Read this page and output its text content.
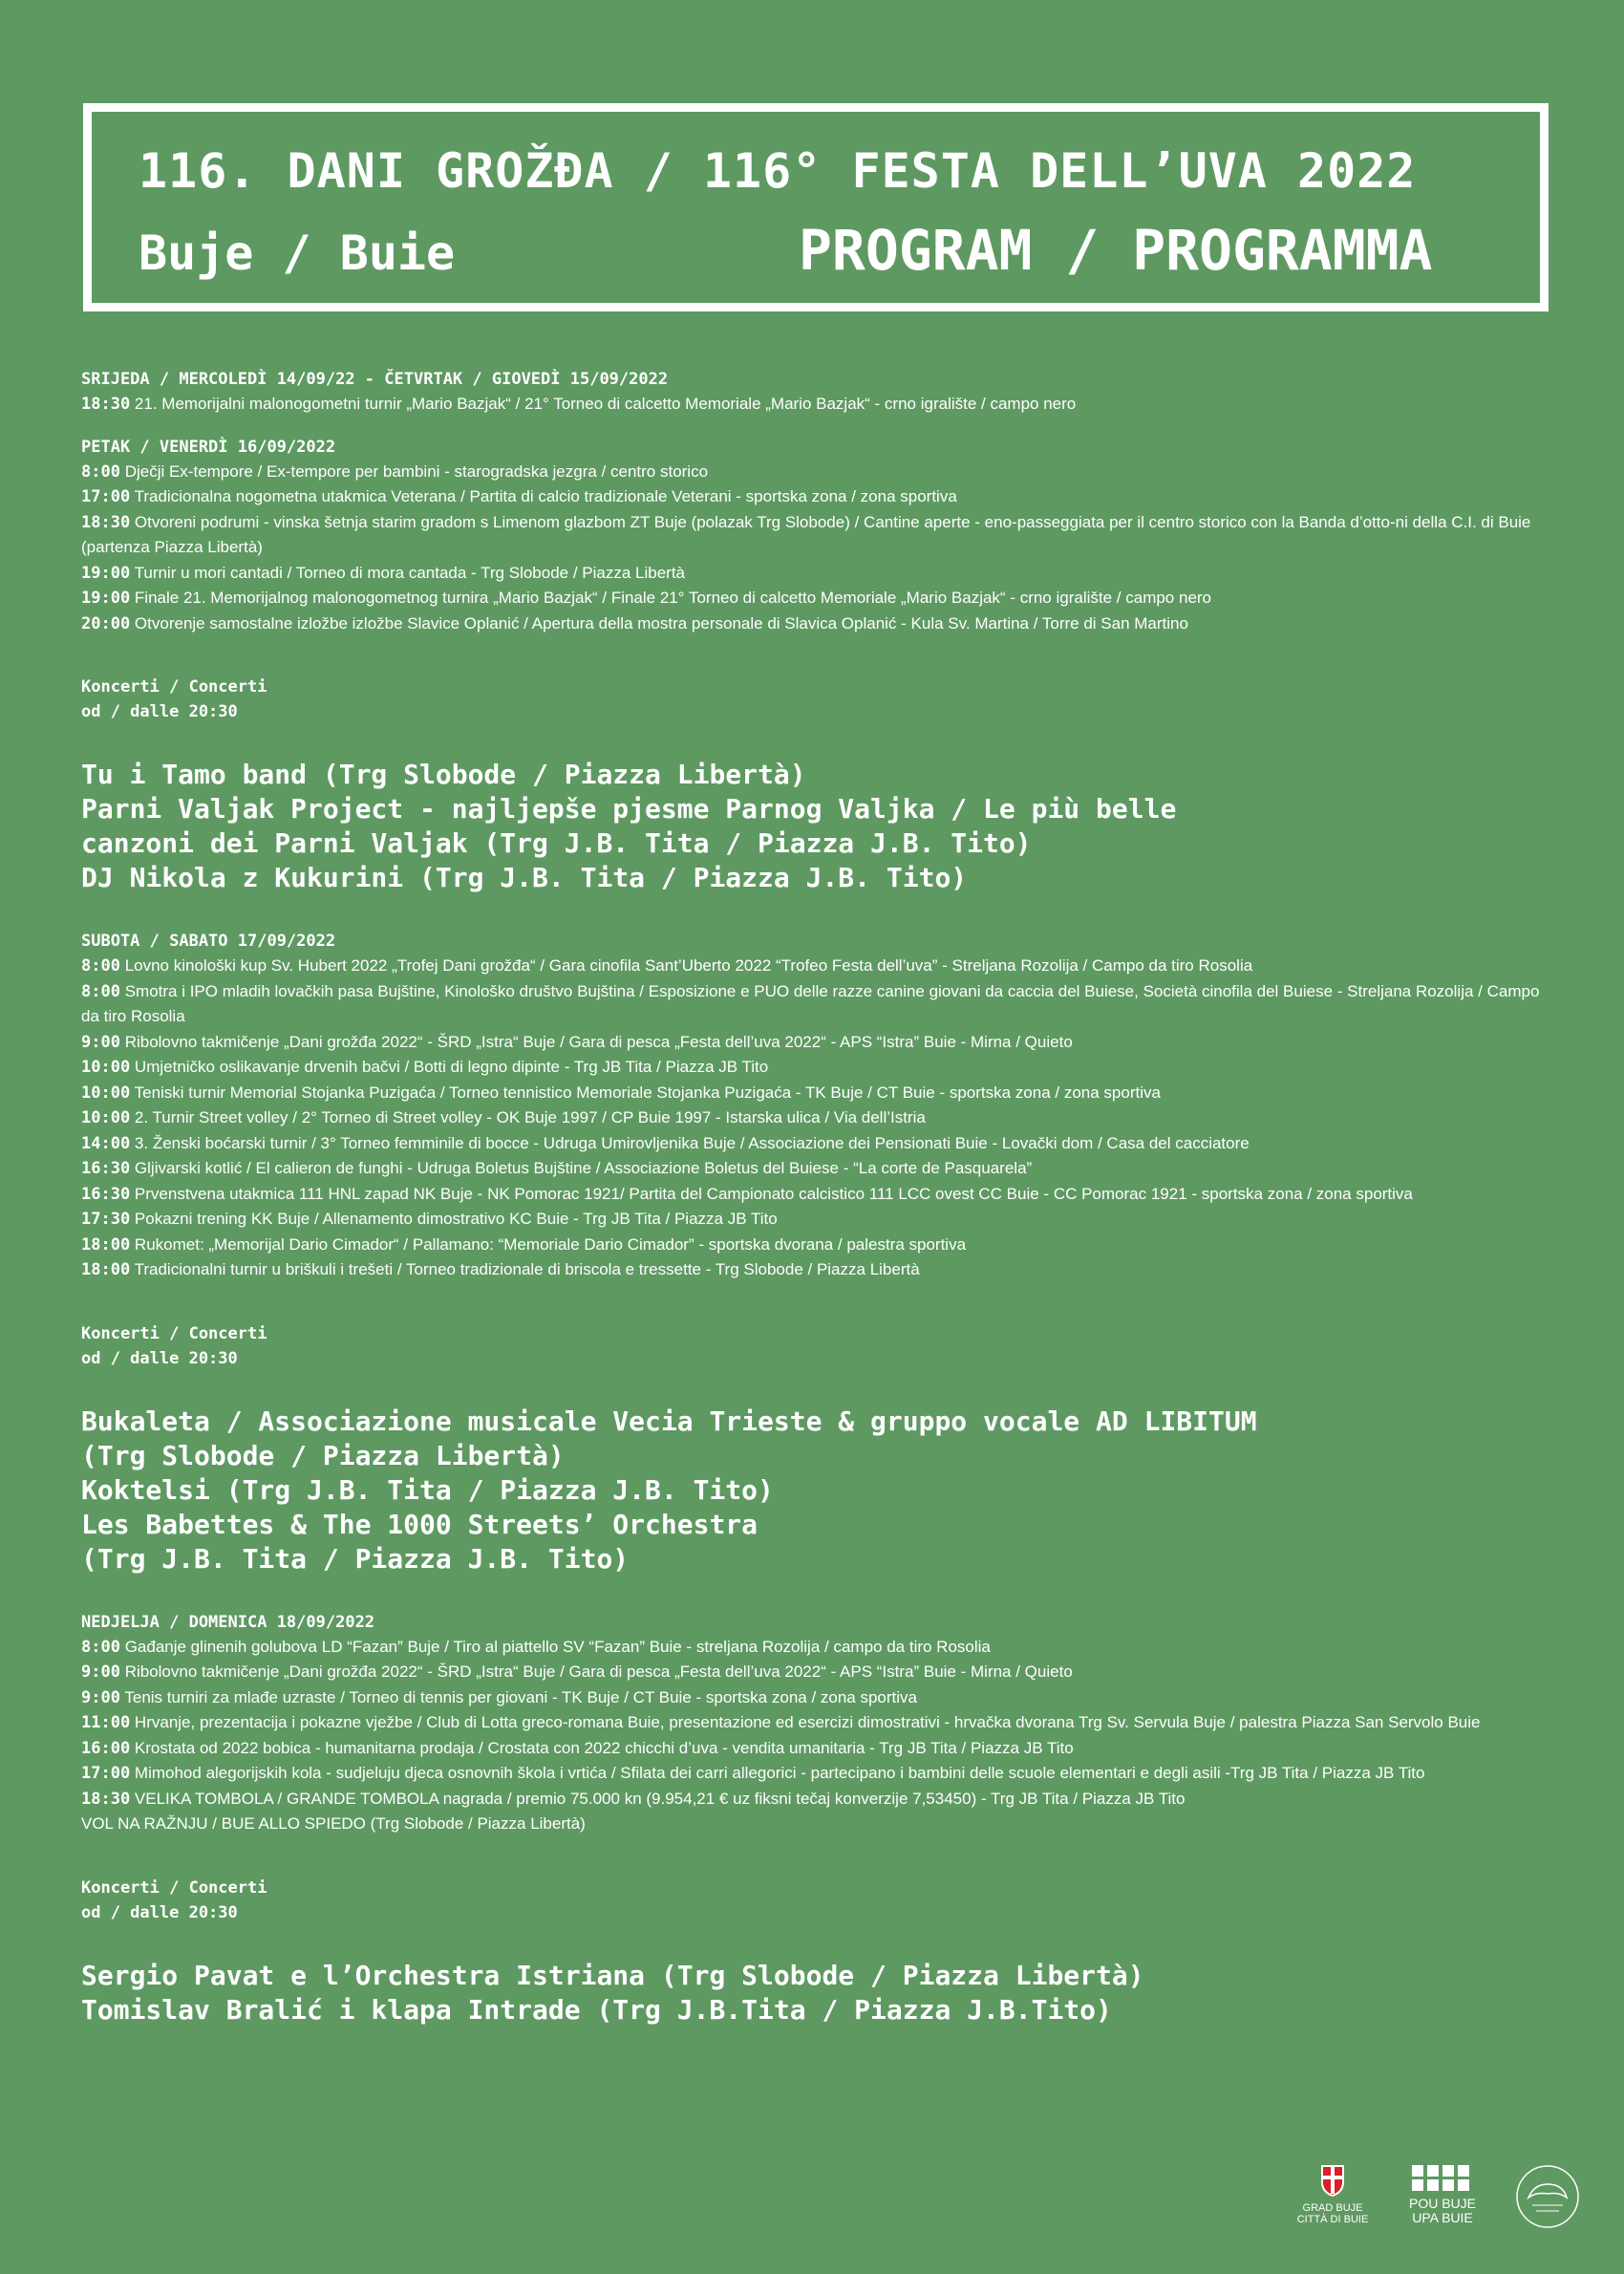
116. DANI GROŽĐA / 116° FESTA DELL’UVA 2022
Buje / Buie	PROGRAM / PROGRAMMA
SRIJEDA / MERCOLEDÌ 14/09/22 - ČETVRTAK / GIOVEDÌ 15/09/2022
18:30 21. Memorijalni malonogometni turnir „Mario Bazjak“ / 21° Torneo di calcetto Memoriale „Mario Bazjak“ - crno igralište / campo nero
PETAK / VENERDÌ 16/09/2022
8:00 Dječji Ex-tempore / Ex-tempore per bambini - starogradska jezgra / centro storico
17:00 Tradicionalna nogometna utakmica Veterana / Partita di calcio tradizionale Veterani - sportska zona / zona sportiva
18:30 Otvoreni podrumi - vinska šetnja starim gradom s Limenom glazbom ZT Buje (polazak Trg Slobode) / Cantine aperte - eno-passeggiata per il centro storico con la Banda d’otto-ni della C.I. di Buie (partenza Piazza Libertà)
19:00 Turnir u mori cantadi / Torneo di mora cantada - Trg Slobode / Piazza Libertà
19:00 Finale 21. Memorijalnog malonogometnog turnira „Mario Bazjak“ / Finale 21° Torneo di calcetto Memoriale „Mario Bazjak“ - crno igralište / campo nero
20:00 Otvorenje samostalne izložbe izložbe Slavice Oplanić / Apertura della mostra personale di Slavica Oplanić - Kula Sv. Martina / Torre di San Martino
Koncerti / Concerti
od / dalle 20:30
Tu i Tamo band (Trg Slobode / Piazza Libertà)
Parni Valjak Project - najljepše pjesme Parnog Valjka / Le più belle
canzoni dei Parni Valjak (Trg J.B. Tita / Piazza J.B. Tito)
DJ Nikola z Kukurini (Trg J.B. Tita / Piazza J.B. Tito)
SUBOTA / SABATO 17/09/2022
8:00 Lovno kinološki kup Sv. Hubert 2022 „Trofej Dani grožđa“ / Gara cinofila Sant’Uberto 2022 “Trofeo Festa dell’uva” - Streljana Rozolija / Campo da tiro Rosolia
8:00 Smotra i IPO mladih lovačkih pasa Bujštine, Kinološko društvo Bujština / Esposizione e PUO delle razze canine giovani da caccia del Buiese, Società cinofila del Buiese - Streljana Rozolija / Campo da tiro Rosolia
9:00 Ribolovno takmičenje „Dani grožđa 2022“ - ŠRD „Istra“ Buje / Gara di pesca „Festa dell’uva 2022“ - APS “Istra” Buie - Mirna / Quieto
10:00 Umjetničko oslikavanje drvenih bačvi / Botti di legno dipinte - Trg JB Tita / Piazza JB Tito
10:00 Teniski turnir Memorial Stojanka Puzigaća / Torneo tennistico Memoriale Stojanka Puzigaća - TK Buje / CT Buie - sportska zona / zona sportiva
10:00 2. Turnir Street volley / 2° Torneo di Street volley - OK Buje 1997 / CP Buie 1997 - Istarska ulica / Via dell’Istria
14:00 3. Ženski boćarski turnir / 3° Torneo femminile di bocce - Udruga Umirovljenika Buje / Associazione dei Pensionati Buie - Lovački dom / Casa del cacciatore
16:30 Gljivarski kotlić / El calieron de funghi - Udruga Boletus Bujštine / Associazione Boletus del Buiese - “La corte de Pasquarela”
16:30 Prvenstvena utakmica 111 HNL zapad NK Buje - NK Pomorac 1921/ Partita del Campionato calcistico 111 LCC ovest CC Buie - CC Pomorac 1921 - sportska zona / zona sportiva
17:30 Pokazni trening KK Buje / Allenamento dimostrativo KC Buie - Trg JB Tita / Piazza JB Tito
18:00 Rukomet: „Memorijal Dario Cimador“ / Pallamano: “Memoriale Dario Cimador” - sportska dvorana / palestra sportiva
18:00 Tradicionalni turnir u briškuli i trešeti / Torneo tradizionale di briscola e tressette - Trg Slobode / Piazza Libertà
Koncerti / Concerti
od / dalle 20:30
Bukaleta / Associazione musicale Vecia Trieste & gruppo vocale AD LIBITUM
(Trg Slobode / Piazza Libertà)
Koktelsi (Trg J.B. Tita / Piazza J.B. Tito)
Les Babettes & The 1000 Streets’ Orchestra
(Trg J.B. Tita / Piazza J.B. Tito)
NEDJELJA / DOMENICA 18/09/2022
8:00 Gađanje glinenih golubova LD “Fazan” Buje / Tiro al piattello SV “Fazan” Buie - streljana Rozolija / campo da tiro Rosolia
9:00 Ribolovno takmičenje „Dani grožđa 2022“ - ŠRD „Istra“ Buje / Gara di pesca „Festa dell’uva 2022“ - APS “Istra” Buie - Mirna / Quieto
9:00 Tenis turniri za mlađe uzraste / Torneo di tennis per giovani - TK Buje / CT Buie - sportska zona / zona sportiva
11:00 Hrvanje, prezentacija i pokazne vježbe / Club di Lotta greco-romana Buie, presentazione ed esercizi dimostrativi - hrvačka dvorana Trg Sv. Servula Buje / palestra Piazza San Servolo Buie
16:00 Krostata od 2022 bobica - humanitarna prodaja / Crostata con 2022 chicchi d’uva - vendita umanitaria - Trg JB Tita / Piazza JB Tito
17:00 Mimohod alegorijskih kola - sudjeluju djeca osnovnih škola i vrtića / Sfilata dei carri allegorici - partecipano i bambini delle scuole elementari e degli asili -Trg JB Tita / Piazza JB Tito
18:30 VELIKA TOMBOLA / GRANDE TOMBOLA nagrada / premio 75.000 kn (9.954,21 € uz fiksni tečaj konverzije 7,53450) - Trg JB Tita / Piazza JB Tito
VOL NA RAŽNJU / BUE ALLO SPIEDO (Trg Slobode / Piazza Libertà)
Koncerti / Concerti
od / dalle 20:30
Sergio Pavat e l’Orchestra Istriana (Trg Slobode / Piazza Libertà)
Tomislav Bralić i klapa Intrade (Trg J.B.Tita / Piazza J.B.Tito)
GRAD BUJE
CITTÀ DI BUIE
POU BUJE
UPA BUIE
